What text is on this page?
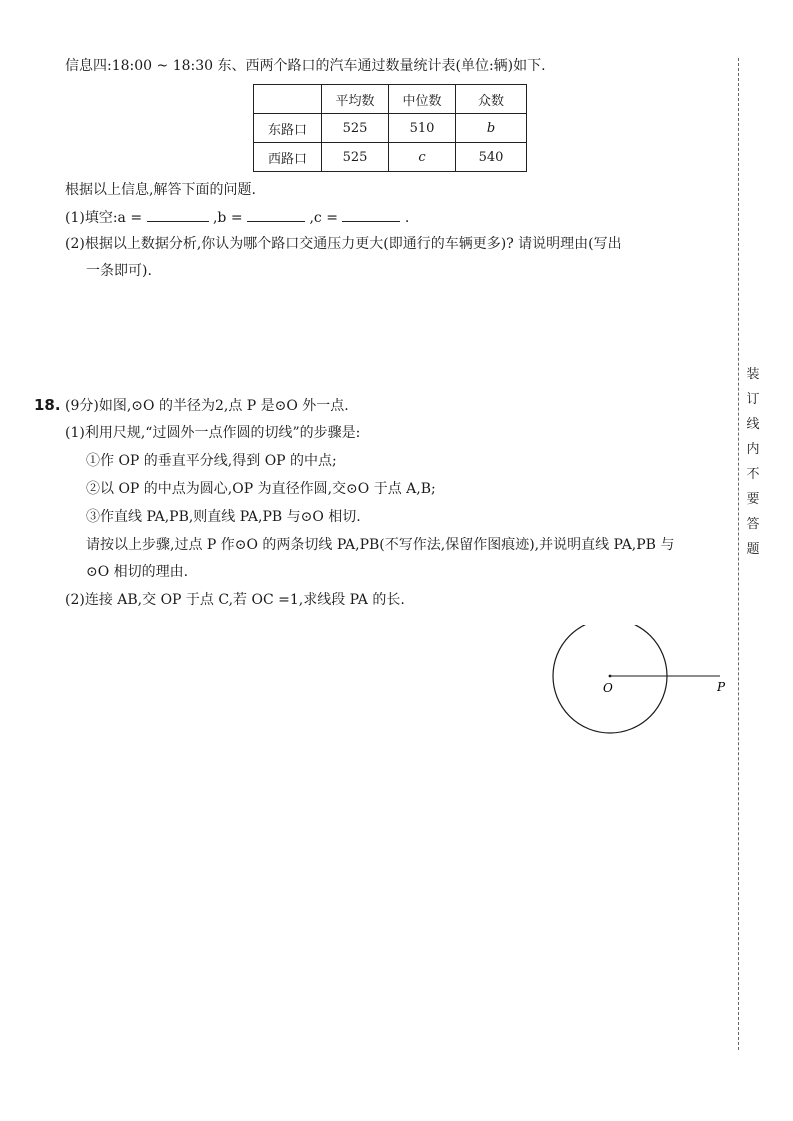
信息四:18:00 ~ 18:30 东、西两个路口的汽车通过数量统计表(单位:辆)如下.
	平均数	中位数	众数
东路口	525	510	b
西路口	525	c	540
根据以上信息,解答下面的问题.
(1)填空:a =	,b =	,c =	.
(2)根据以上数据分析,你认为哪个路口交通压力更大(即通行的车辆更多)? 请说明理由(写出
一条即可).
18. (9分)如图,⊙O 的半径为2,点 P 是⊙O 外一点.
(1)利用尺规,“过圆外一点作圆的切线”的步骤是:
①作 OP 的垂直平分线,得到 OP 的中点;
②以 OP 的中点为圆心,OP 为直径作圆,交⊙O 于点 A,B;
③作直线 PA,PB,则直线 PA,PB 与⊙O 相切.
请按以上步骤,过点 P 作⊙O 的两条切线 PA,PB(不写作法,保留作图痕迹),并说明直线 PA,PB 与
⊙O 相切的理由.
(2)连接 AB,交 OP 于点 C,若 OC =1,求线段 PA 的长.
O	P
装
订
线
内
不
要
答
题
